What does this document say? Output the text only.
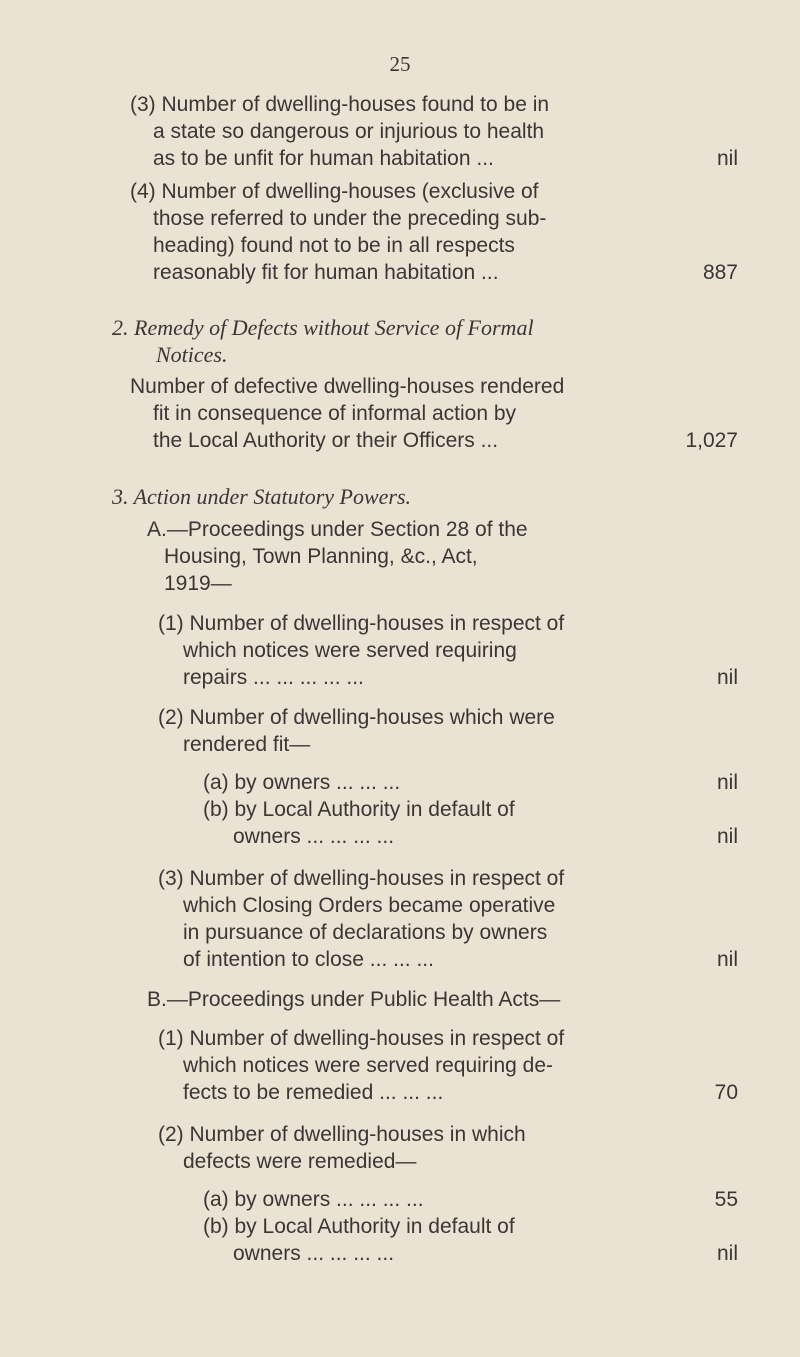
25
(3) Number of dwelling-houses found to be in
a state so dangerous or injurious to health
as to be unfit for human habitation ...	nil
(4) Number of dwelling-houses (exclusive of
those referred to under the preceding sub-
heading) found not to be in all respects
reasonably fit for human habitation ...	887
2. Remedy of Defects without Service of Formal
Notices.
Number of defective dwelling-houses rendered
fit in consequence of informal action by
the Local Authority or their Officers ...	1,027
3. Action under Statutory Powers.
A.—Proceedings under Section 28 of the
Housing, Town Planning, &c., Act,
1919—
(1) Number of dwelling-houses in respect of
which notices were served requiring
repairs ... ... ... ... ...	nil
(2) Number of dwelling-houses which were
rendered fit—
(a) by owners ... ... ...	nil
(b) by Local Authority in default of
owners ... ... ... ...	nil
(3) Number of dwelling-houses in respect of
which Closing Orders became operative
in pursuance of declarations by owners
of intention to close ... ... ...	nil
B.—Proceedings under Public Health Acts—
(1) Number of dwelling-houses in respect of
which notices were served requiring de-
fects to be remedied ... ... ...	70
(2) Number of dwelling-houses in which
defects were remedied—
(a) by owners ... ... ... ...	55
(b) by Local Authority in default of
owners ... ... ... ...	nil
